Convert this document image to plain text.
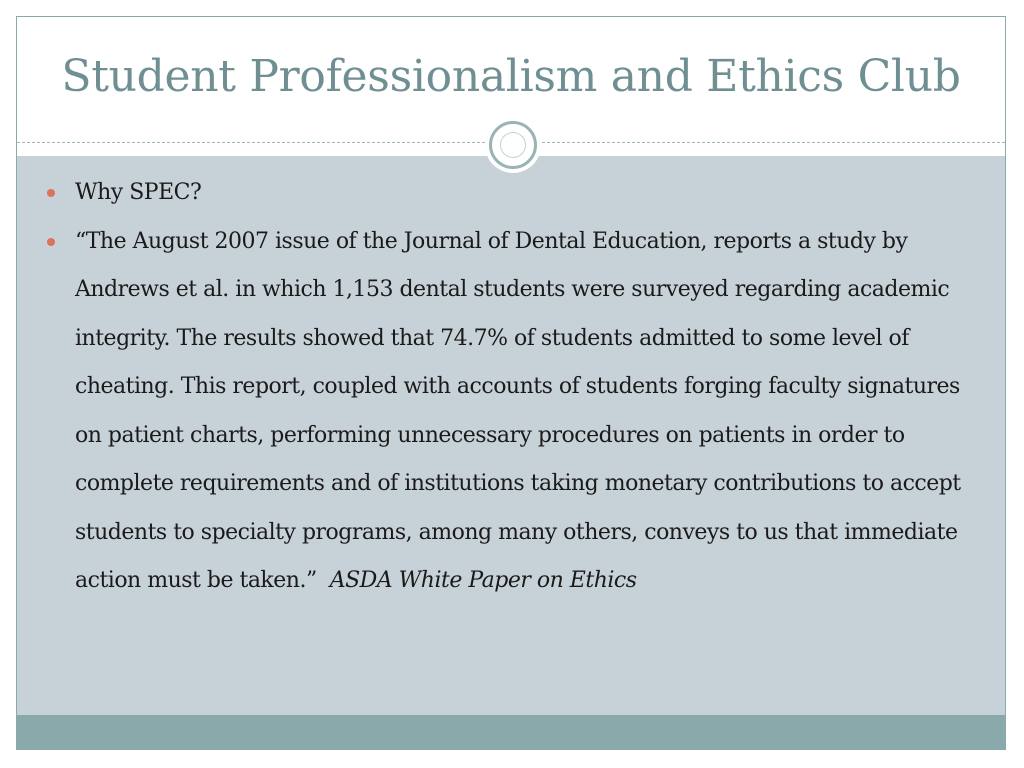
Student Professionalism and Ethics Club
Why SPEC?
“The August 2007 issue of the Journal of Dental Education, reports a study by Andrews et al. in which 1,153 dental students were surveyed regarding academic integrity. The results showed that 74.7% of students admitted to some level of cheating. This report, coupled with accounts of students forging faculty signatures on patient charts, performing unnecessary procedures on patients in order to complete requirements and of institutions taking monetary contributions to accept students to specialty programs, among many others, conveys to us that immediate action must be taken.” ASDA White Paper on Ethics
